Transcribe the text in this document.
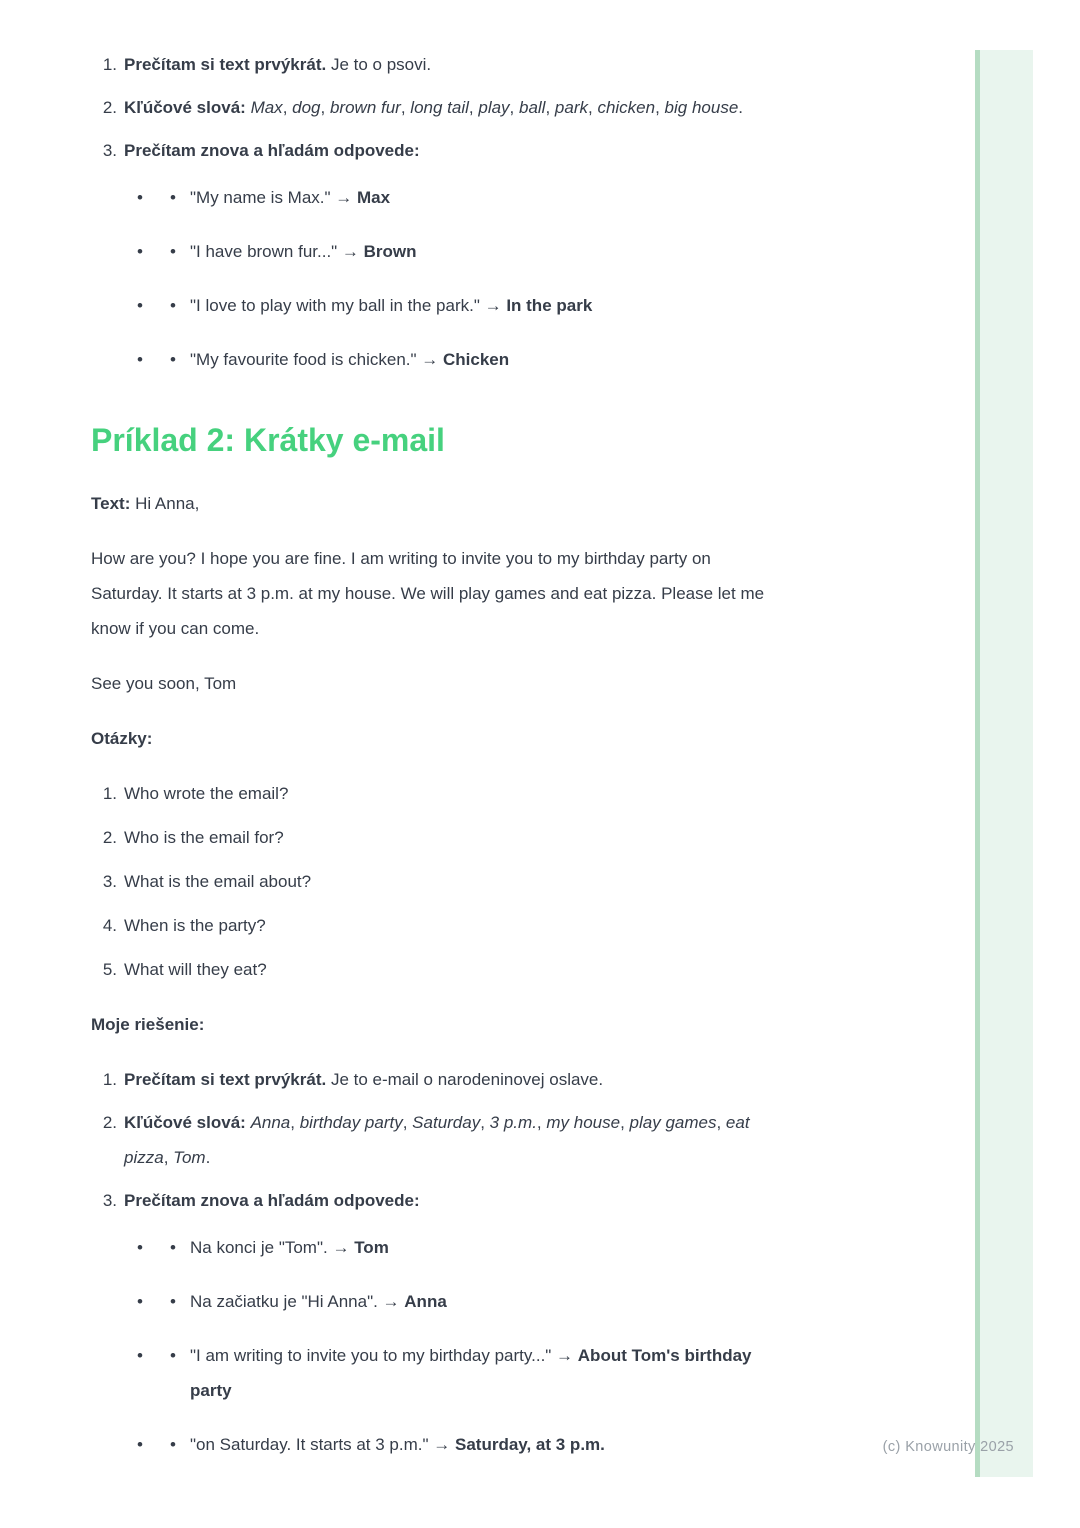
(c) Knowunity 2025
1. Prečítam si text prvýkrát. Je to o psovi.
2. Kľúčové slová: Max, dog, brown fur, long tail, play, ball, park, chicken, big house.
3. Prečítam znova a hľadám odpovede:
•	• "My name is Max." → Max
•	• "I have brown fur..." → Brown
•	• "I love to play with my ball in the park." → In the park
•	• "My favourite food is chicken." → Chicken
Príklad 2: Krátky e-mail

Text: Hi Anna,

How are you? I hope you are fine. I am writing to invite you to my birthday party on Saturday. It starts at 3 p.m. at my house. We will play games and eat pizza. Please let me know if you can come.

See you soon, Tom

Otázky:

1. Who wrote the email?
2. Who is the email for?
3. What is the email about?
4. When is the party?
5. What will they eat?

Moje riešenie:

1. Prečítam si text prvýkrát. Je to e-mail o narodeninovej oslave.
2. Kľúčové slová: Anna, birthday party, Saturday, 3 p.m., my house, play games, eat pizza, Tom.
3. Prečítam znova a hľadám odpovede:
•	• Na konci je "Tom". → Tom
•	• Na začiatku je "Hi Anna". → Anna
•	• "I am writing to invite you to my birthday party..." → About Tom's birthday party
•	• "on Saturday. It starts at 3 p.m." → Saturday, at 3 p.m.
